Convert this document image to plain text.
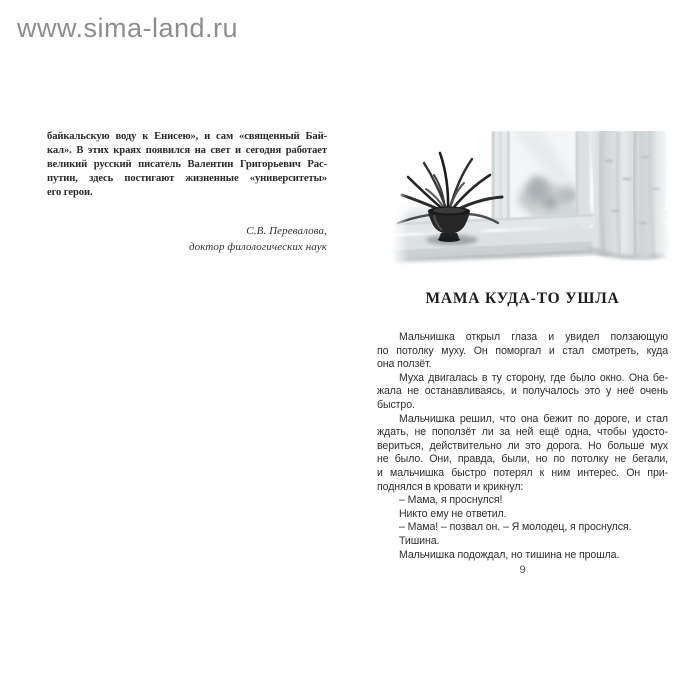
www.sima-land.ru
байкальскую воду к Енисею», и сам «священный Бай-
кал». В этих краях появился на свет и сегодня работает
великий русский писатель Валентин Григорьевич Рас-
путин, здесь постигают жизненные «университеты»
его герои.
С.В. Перевалова,
доктор филологических наук
МАМА КУДА-ТО УШЛА
Мальчишка открыл глаза и увидел ползающую
по потолку муху. Он поморгал и стал смотреть, куда
она ползёт.
Муха двигалась в ту сторону, где было окно. Она бе-
жала не останавливаясь, и получалось это у неё очень
быстро.
Мальчишка решил, что она бежит по дороге, и стал
ждать, не поползёт ли за ней ещё одна, чтобы удосто-
вериться, действительно ли это дорога. Но больше мух
не было. Они, правда, были, но по потолку не бегали,
и мальчишка быстро потерял к ним интерес. Он при-
поднялся в кровати и крикнул:
– Мама, я проснулся!
Никто ему не ответил.
– Мама! – позвал он. – Я молодец, я проснулся.
Тишина.
Мальчишка подождал, но тишина не прошла.
9
